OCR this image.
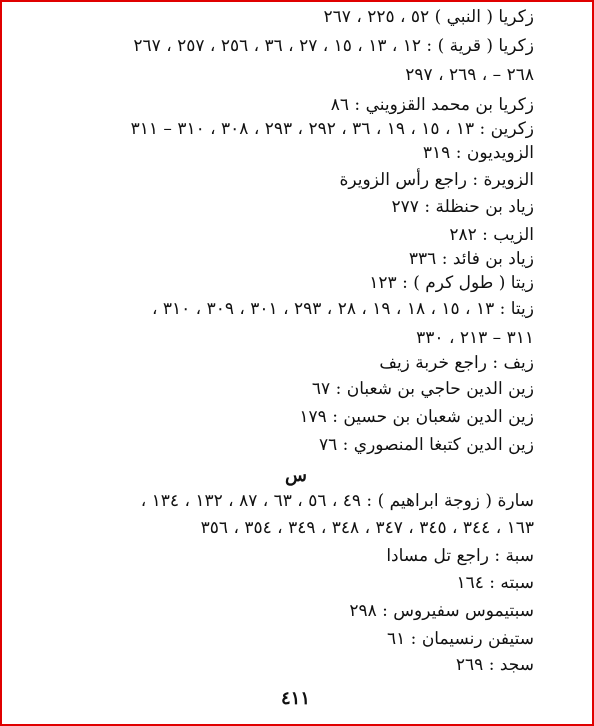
زكريا ( النبي ) ٥٢ ، ٢٢٥ ، ٢٦٧
زكريا ( قرية ) : ١٢ ، ١٣ ، ١٥ ، ٢٧ ، ٣٦ ، ٢٥٦ ، ٢٥٧ ، ٢٦٧
٢٦٨ – ، ٢٦٩ ، ٢٩٧
زكريا بن محمد القزويني : ٨٦
زكرين : ١٣ ، ١٥ ، ١٩ ، ٣٦ ، ٢٩٢ ، ٢٩٣ ، ٣٠٨ ، ٣١٠ – ٣١١
الزويديون : ٣١٩
الزويرة : راجع رأس الزويرة
زياد بن حنظلة : ٢٧٧
الزيب : ٢٨٢
زياد بن فائد : ٣٣٦
زيتا ( طول كرم ) : ١٢٣
زيتا : ١٣ ، ١٥ ، ١٨ ، ١٩ ، ٢٨ ، ٢٩٣ ، ٣٠١ ، ٣٠٩ ، ٣١٠ ،
٣١١ – ٢١٣ ، ٣٣٠
زيف : راجع خربة زيف
زين الدين حاجي بن شعبان : ٦٧
زين الدين شعبان بن حسين : ١٧٩
زين الدين كتبغا المنصوري : ٧٦
س
سارة ( زوجة ابراهيم ) : ٤٩ ، ٥٦ ، ٦٣ ، ٨٧ ، ١٣٢ ، ١٣٤ ،
١٦٣ ، ٣٤٤ ، ٣٤٥ ، ٣٤٧ ، ٣٤٨ ، ٣٤٩ ، ٣٥٤ ، ٣٥٦
سبة : راجع تل مسادا
سبته : ١٦٤
سبتيموس سفيروس : ٢٩٨
ستيفن رنسيمان : ٦١
سجد : ٢٦٩
٤١١
